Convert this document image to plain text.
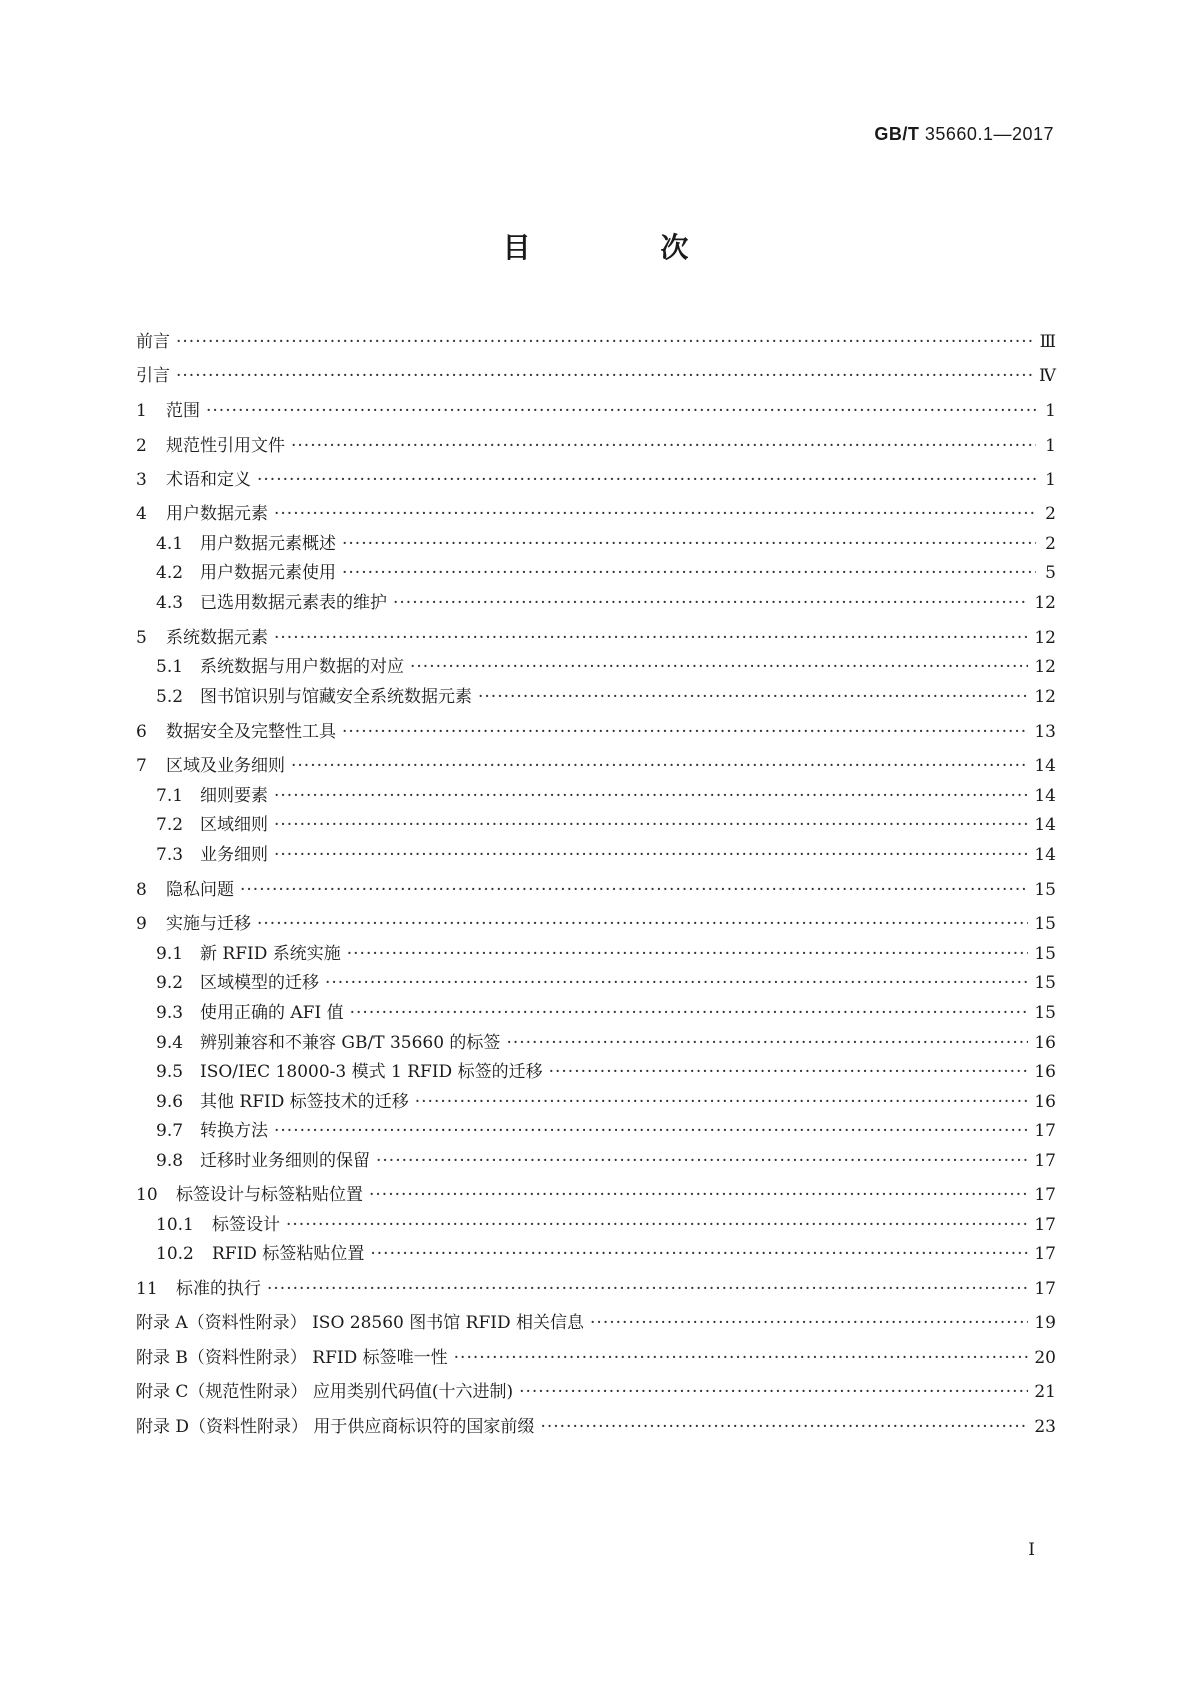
GB/T 35660.1—2017
目 次
前言 ·····	Ⅲ
引言 ·····	Ⅳ
1	范围 ·····	1
2	规范性引用文件 ·····	1
3	术语和定义 ·····	1
4	用户数据元素 ·····	2
4.1 用户数据元素概述 ·····	2
4.2 用户数据元素使用 ·····	5
4.3 已选用数据元素表的维护 ·····	12
5	系统数据元素 ·····	12
5.1 系统数据与用户数据的对应 ·····	12
5.2 图书馆识别与馆藏安全系统数据元素 ·····	12
6	数据安全及完整性工具 ·····	13
7	区域及业务细则 ·····	14
7.1 细则要素 ·····	14
7.2 区域细则 ·····	14
7.3 业务细则 ·····	14
8	隐私问题 ·····	15
9	实施与迁移 ·····	15
9.1 新 RFID 系统实施 ·····	15
9.2 区域模型的迁移 ·····	15
9.3 使用正确的 AFI 值 ·····	15
9.4 辨别兼容和不兼容 GB/T 35660 的标签 ·····	16
9.5 ISO/IEC 18000-3 模式 1 RFID 标签的迁移 ·····	16
9.6 其他 RFID 标签技术的迁移 ·····	16
9.7 转换方法 ·····	17
9.8 迁移时业务细则的保留 ·····	17
10	标签设计与标签粘贴位置 ·····	17
10.1	标签设计 ·····	17
10.2	RFID 标签粘贴位置 ·····	17
11	标准的执行 ·····	17
附录 A（资料性附录） ISO 28560 图书馆 RFID 相关信息 ·····	19
附录 B（资料性附录） RFID 标签唯一性 ·····	20
附录 C（规范性附录） 应用类别代码值(十六进制) ·····	21
附录 D（资料性附录） 用于供应商标识符的国家前缀 ·····	23
I
